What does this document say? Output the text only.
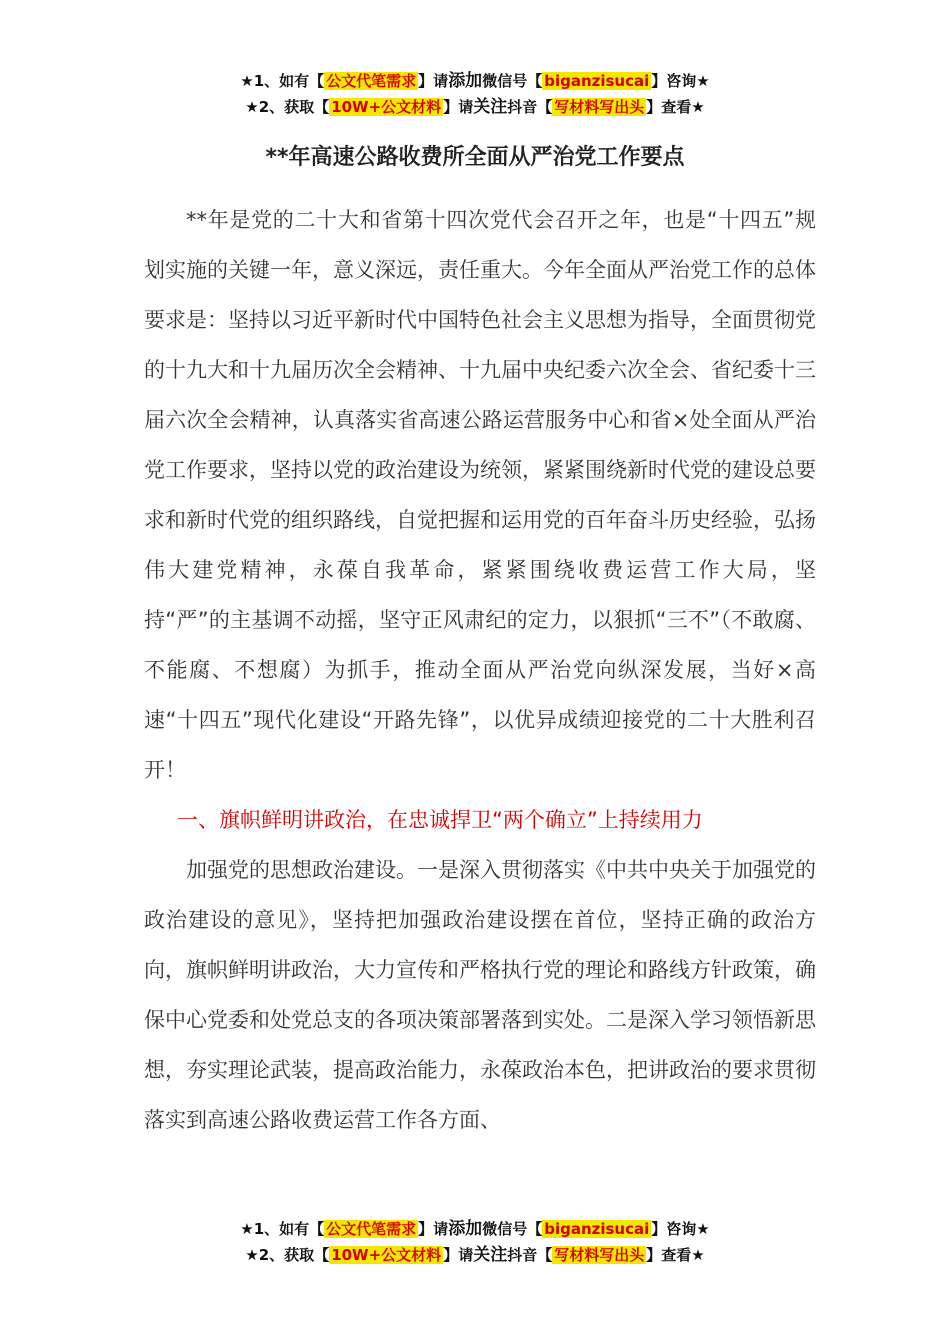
★1、如有【 公文代笔需求 】请添加微信号【 biganzisucai 】咨询★
★2、获取【 10W+公文材料 】请关注抖音【 写材料写出头 】查看★
**年高速公路收费所全面从严治党工作要点

**年是党的二十大和省第十四次党代会召开之年，也是“十四五”规划实施的关键一年，意义深远，责任重大。今年全面从严治党工作的总体要求是：坚持以习近平新时代中国特色社会主义思想为指导，全面贯彻党的十九大和十九届历次全会精神、十九届中央纪委六次全会、省纪委十三届六次全会精神，认真落实省高速公路运营服务中心和省×处全面从严治党工作要求，坚持以党的政治建设为统领，紧紧围绕新时代党的建设总要求和新时代党的组织路线，自觉把握和运用党的百年奋斗历史经验，弘扬伟大建党精神，永葆自我革命，紧紧围绕收费运营工作大局，坚持“严”的主基调不动摇，坚守正风肃纪的定力，以狠抓“三不”（不敢腐、不能腐、不想腐）为抓手，推动全面从严治党向纵深发展，当好×高速“十四五”现代化建设“开路先锋”，以优异成绩迎接党的二十大胜利召开！

一、旗帜鲜明讲政治，在忠诚捍卫“两个确立”上持续用力

加强党的思想政治建设。一是深入贯彻落实《中共中央关于加强党的政治建设的意见》，坚持把加强政治建设摆在首位，坚持正确的政治方向，旗帜鲜明讲政治，大力宣传和严格执行党的理论和路线方针政策，确保中心党委和处党总支的各项决策部署落到实处。二是深入学习领悟新思想，夯实理论武装，提高政治能力，永葆政治本色，把讲政治的要求贯彻落实到高速公路收费运营工作各方面、

★1、如有【 公文代笔需求 】请添加微信号【 biganzisucai 】咨询★
★2、获取【 10W+公文材料 】请关注抖音【 写材料写出头 】查看★
